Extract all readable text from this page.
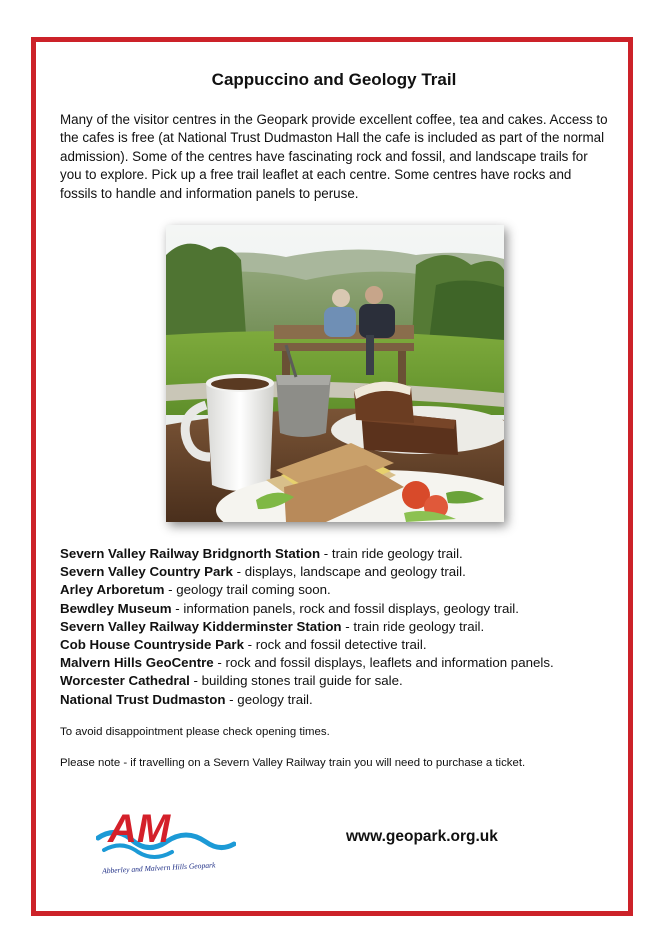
Cappuccino and Geology Trail
Many of the visitor centres in the Geopark provide excellent coffee, tea and cakes. Access to the cafes is free (at National Trust Dudmaston Hall the cafe is included as part of the normal admission). Some of the centres have fascinating rock and fossil, and landscape trails for you to explore. Pick up a free trail leaflet at each centre. Some centres have rocks and fossils to handle and information panels to peruse.
Severn Valley Railway Bridgnorth Station - train ride geology trail.
Severn Valley Country Park - displays, landscape and geology trail.
Arley Arboretum - geology trail coming soon.
Bewdley Museum - information panels, rock and fossil displays, geology trail.
Severn Valley Railway Kidderminster Station - train ride geology trail.
Cob House Countryside Park - rock and fossil detective trail.
Malvern Hills GeoCentre - rock and fossil displays, leaflets and information panels.
Worcester Cathedral - building stones trail guide for sale.
National Trust Dudmaston - geology trail.
To avoid disappointment please check opening times.
Please note - if travelling on a Severn Valley Railway train you will need to purchase a ticket.
AM
Abberley and Malvern Hills Geopark
www.geopark.org.uk
